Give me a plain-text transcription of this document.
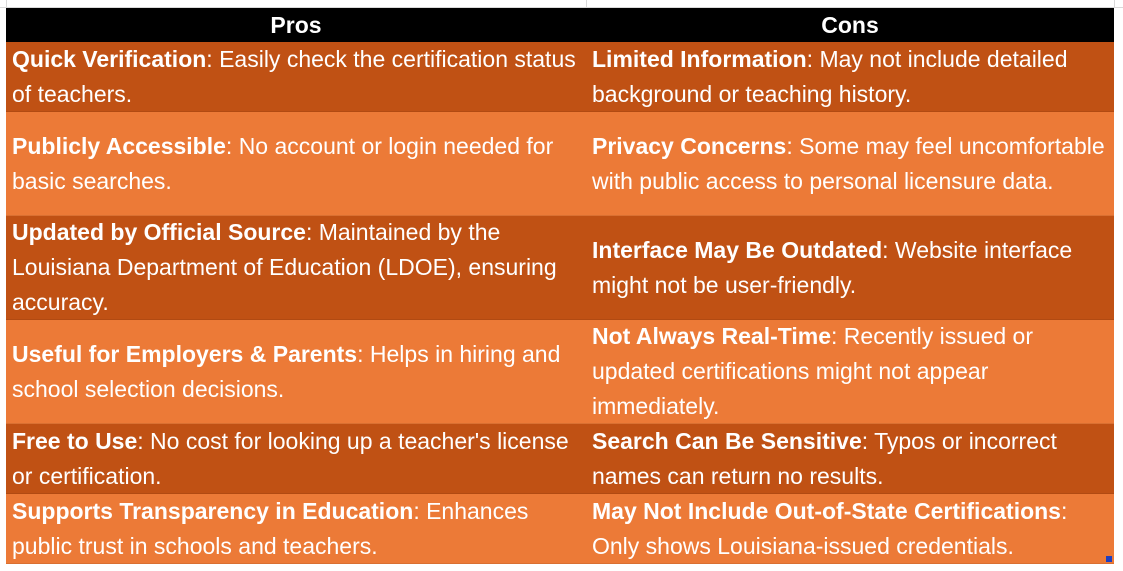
Pros	Cons
Quick Verification: Easily check the certification status of teachers.
Limited Information: May not include detailed background or teaching history.
Publicly Accessible: No account or login needed for basic searches.
Privacy Concerns: Some may feel uncomfortable with public access to personal licensure data.
Updated by Official Source: Maintained by the Louisiana Department of Education (LDOE), ensuring accuracy.
Interface May Be Outdated: Website interface might not be user-friendly.
Useful for Employers & Parents: Helps in hiring and school selection decisions.
Not Always Real-Time: Recently issued or updated certifications might not appear immediately.
Free to Use: No cost for looking up a teacher's license or certification.
Search Can Be Sensitive: Typos or incorrect names can return no results.
Supports Transparency in Education: Enhances public trust in schools and teachers.
May Not Include Out-of-State Certifications: Only shows Louisiana-issued credentials.
